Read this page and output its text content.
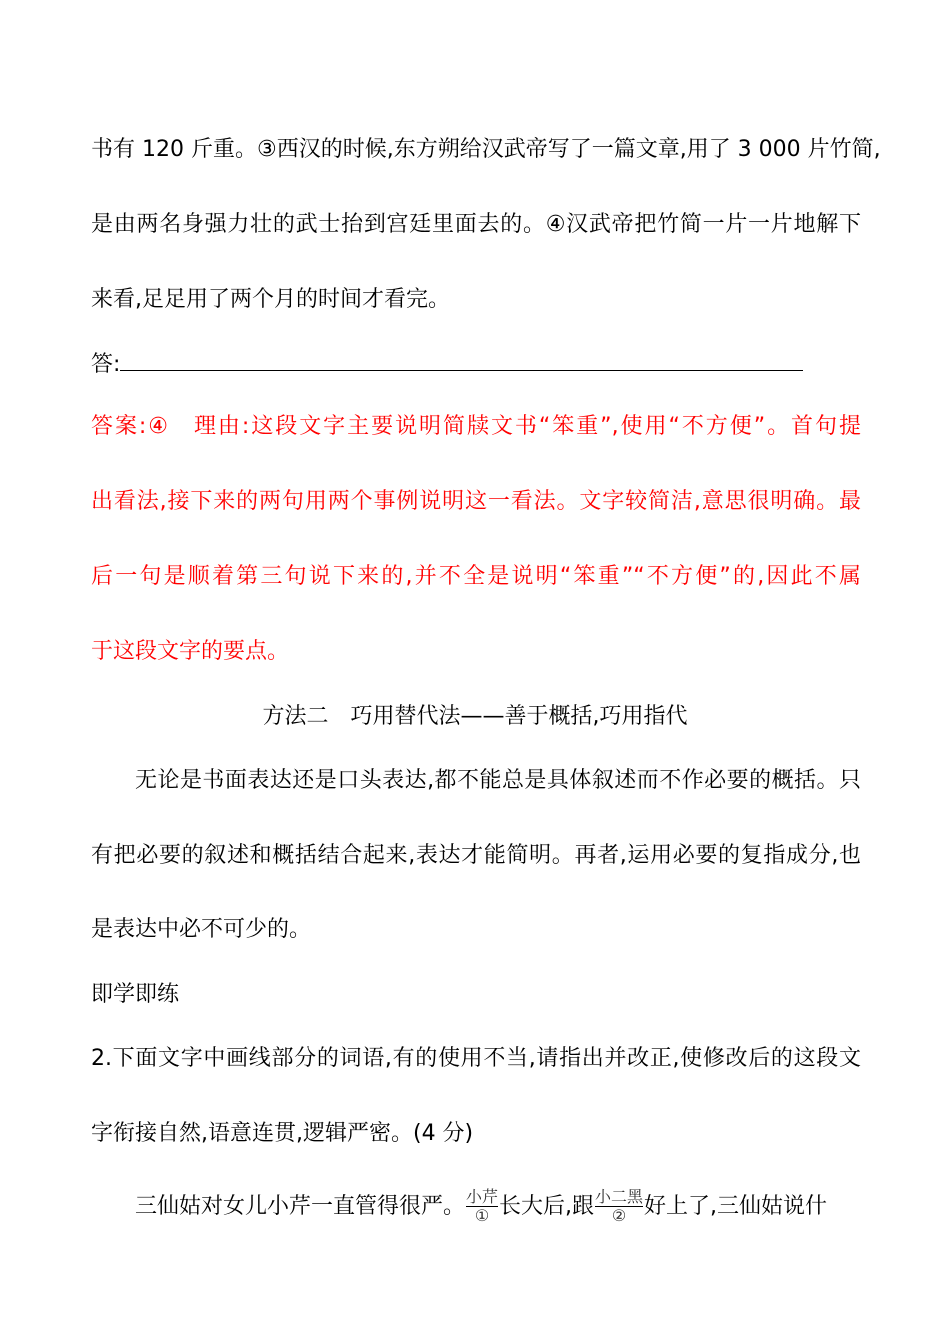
书有 120 斤重。③西汉的时候,东方朔给汉武帝写了一篇文章,用了 3 000 片竹简,
是由两名身强力壮的武士抬到宫廷里面去的。④汉武帝把竹简一片一片地解下
来看,足足用了两个月的时间才看完。
答:
答案:④　理由:这段文字主要说明简牍文书“笨重”,使用“不方便”。首句提
出看法,接下来的两句用两个事例说明这一看法。文字较简洁,意思很明确。最
后一句是顺着第三句说下来的,并不全是说明“笨重”“不方便”的,因此不属
于这段文字的要点。
方法二　巧用替代法——善于概括,巧用指代
无论是书面表达还是口头表达,都不能总是具体叙述而不作必要的概括。只
有把必要的叙述和概括结合起来,表达才能简明。再者,运用必要的复指成分,也
是表达中必不可少的。
即学即练
2.下面文字中画线部分的词语,有的使用不当,请指出并改正,使修改后的这段文
字衔接自然,语意连贯,逻辑严密。(4 分)
三仙姑对女儿小芹一直管得很严。 小芹
① 长大后,跟 小二黑
② 好上了,三仙姑说什
